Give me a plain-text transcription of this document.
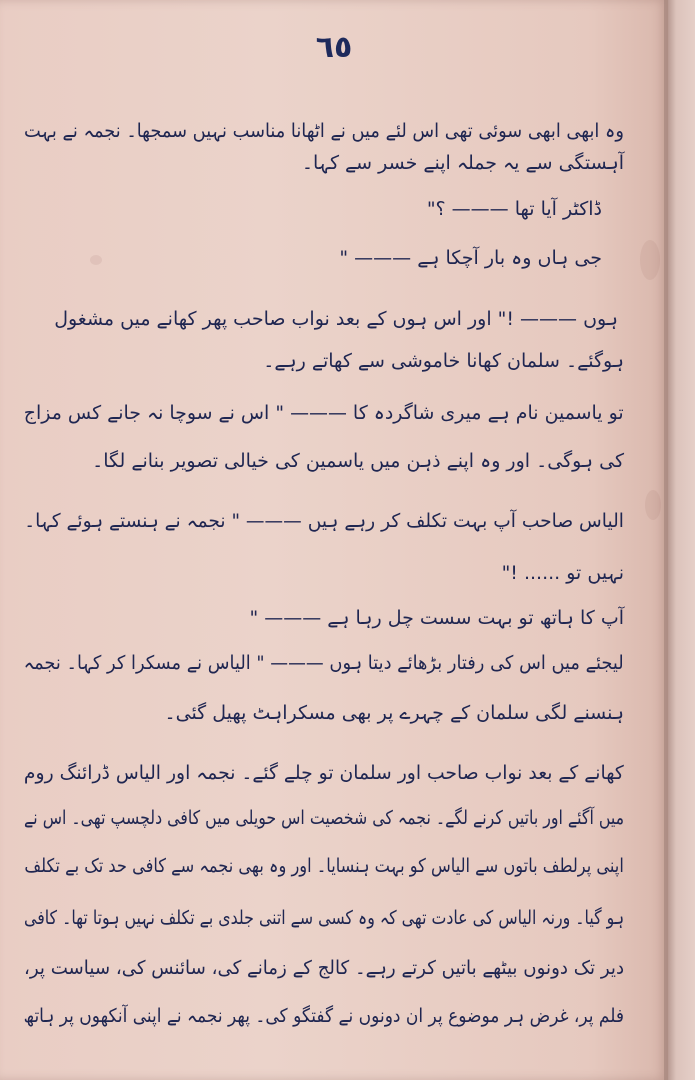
٦٥
وہ ابھی ابھی سوئی تھی اس لئے میں نے اٹھانا مناسب نہیں سمجھا۔ نجمہ نے بہت
آہستگی سے یہ جملہ اپنے خسر سے کہا۔
ڈاکٹر آیا تھا ——— ؟"
جی ہاں وہ بار آچکا ہے ——— "
ہوں ——— !" اور اس ہوں کے بعد نواب صاحب پھر کھانے میں مشغول
ہوگئے۔ سلمان کھانا خاموشی سے کھاتے رہے۔
تو یاسمین نام ہے میری شاگردہ کا ——— " اس نے سوچا نہ جانے کس مزاج
کی ہوگی۔ اور وہ اپنے ذہن میں یاسمین کی خیالی تصویر بنانے لگا۔
الیاس صاحب آپ بہت تکلف کر رہے ہیں ——— " نجمہ نے ہنستے ہوئے کہا۔
نہیں تو ...... !"
آپ کا ہاتھ تو بہت سست چل رہا ہے ——— "
لیجئے میں اس کی رفتار بڑھائے دیتا ہوں ——— " الیاس نے مسکرا کر کہا۔ نجمہ
ہنسنے لگی سلمان کے چہرے پر بھی مسکراہٹ پھیل گئی۔
کھانے کے بعد نواب صاحب اور سلمان تو چلے گئے۔ نجمہ اور الیاس ڈرائنگ روم
میں آگئے اور باتیں کرنے لگے۔ نجمہ کی شخصیت اس حویلی میں کافی دلچسپ تھی۔ اس نے
اپنی پرلطف باتوں سے الیاس کو بہت ہنسایا۔ اور وہ بھی نجمہ سے کافی حد تک بے تکلف
ہو گیا۔ ورنہ الیاس کی عادت تھی کہ وہ کسی سے اتنی جلدی بے تکلف نہیں ہوتا تھا۔ کافی
دیر تک دونوں بیٹھے باتیں کرتے رہے۔ کالج کے زمانے کی، سائنس کی، سیاست پر،
فلم پر، غرض ہر موضوع پر ان دونوں نے گفتگو کی۔ پھر نجمہ نے اپنی آنکھوں پر ہاتھ
